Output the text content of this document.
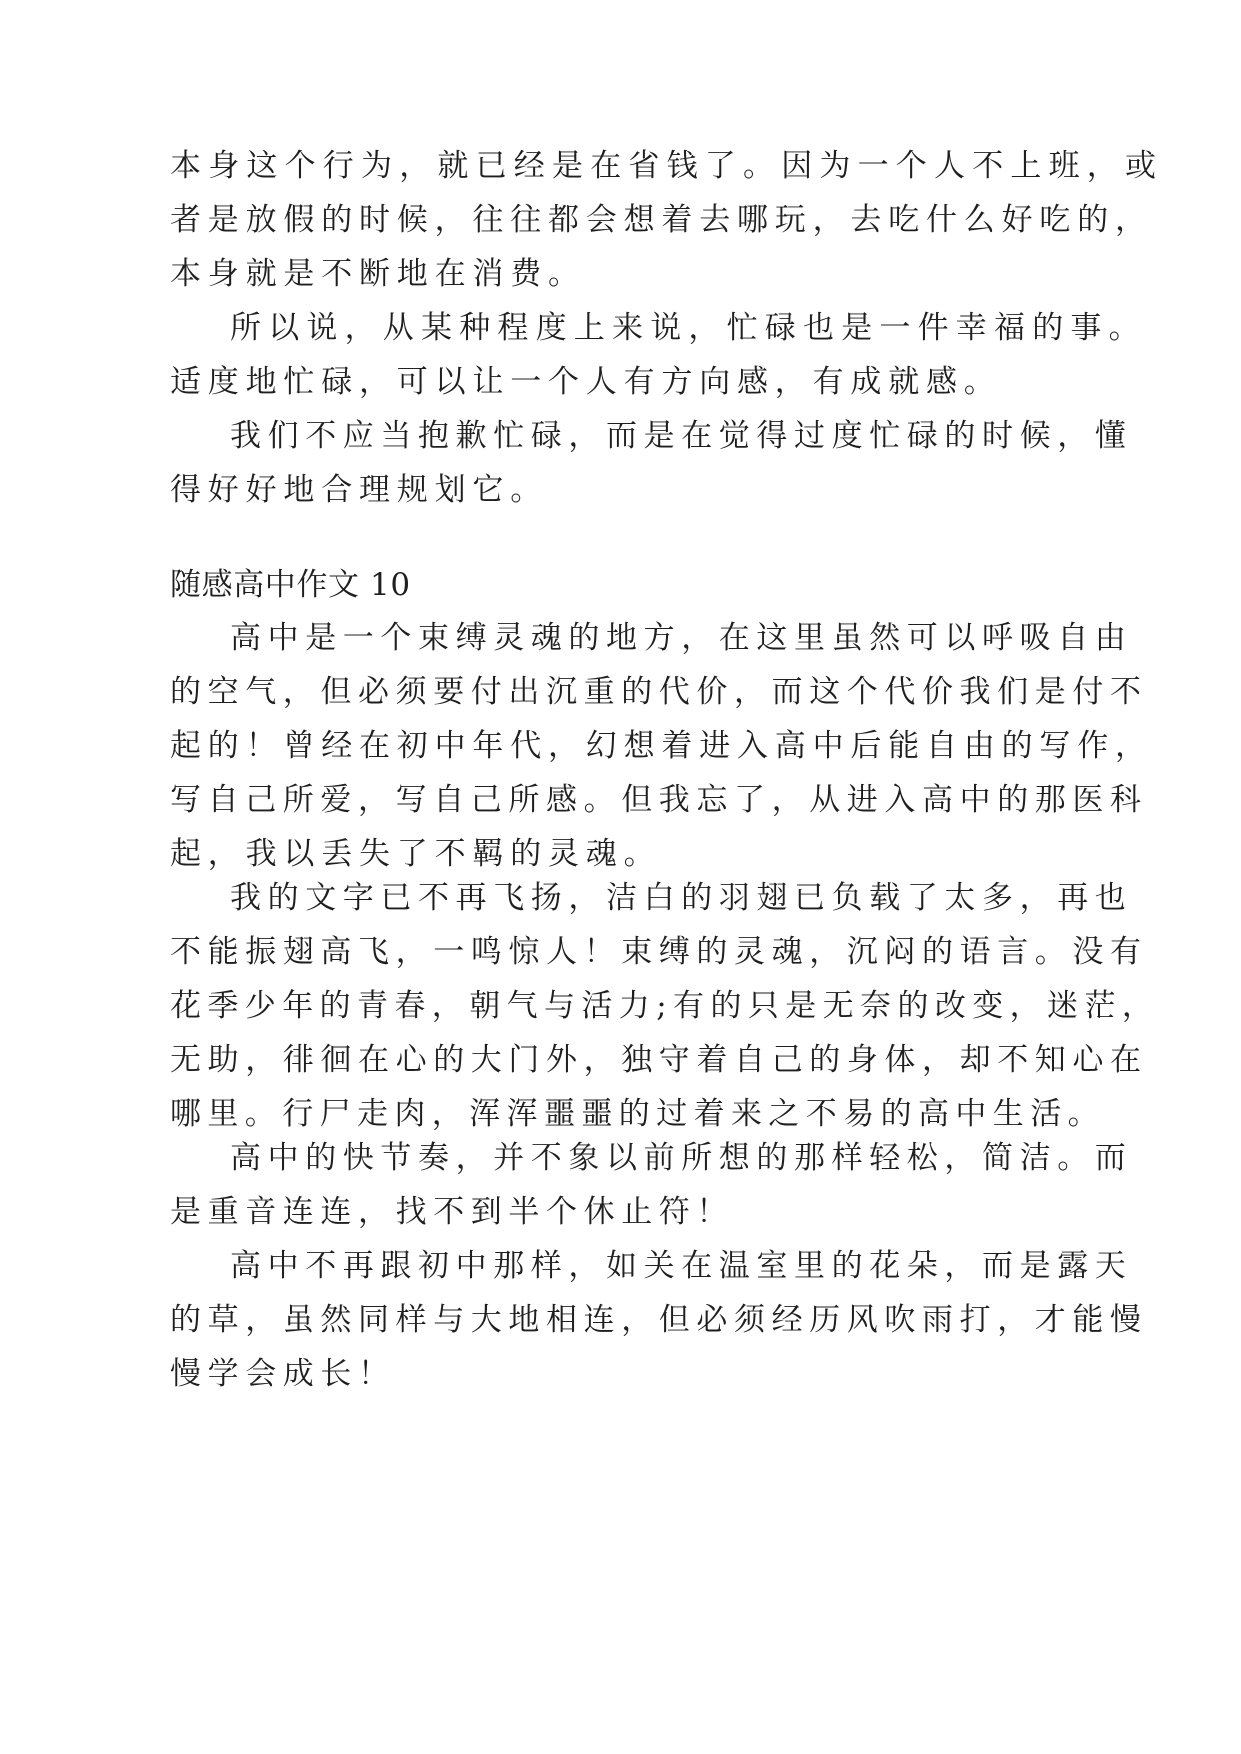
本身这个行为，就已经是在省钱了。因为一个人不上班，或

者是放假的时候，往往都会想着去哪玩，去吃什么好吃的，

本身就是不断地在消费。

所以说，从某种程度上来说，忙碌也是一件幸福的事。

适度地忙碌，可以让一个人有方向感，有成就感。

我们不应当抱歉忙碌，而是在觉得过度忙碌的时候，懂

得好好地合理规划它。

随感高中作文 10

高中是一个束缚灵魂的地方，在这里虽然可以呼吸自由

的空气，但必须要付出沉重的代价，而这个代价我们是付不

起的！曾经在初中年代，幻想着进入高中后能自由的写作，

写自己所爱，写自己所感。但我忘了，从进入高中的那医科

起，我以丢失了不羁的灵魂。

我的文字已不再飞扬，洁白的羽翅已负载了太多，再也

不能振翅高飞，一鸣惊人！束缚的灵魂，沉闷的语言。没有

花季少年的青春，朝气与活力;有的只是无奈的改变，迷茫，

无助，徘徊在心的大门外，独守着自己的身体，却不知心在

哪里。行尸走肉，浑浑噩噩的过着来之不易的高中生活。

高中的快节奏，并不象以前所想的那样轻松，简洁。而

是重音连连，找不到半个休止符！

高中不再跟初中那样，如关在温室里的花朵，而是露天

的草，虽然同样与大地相连，但必须经历风吹雨打，才能慢

慢学会成长！
